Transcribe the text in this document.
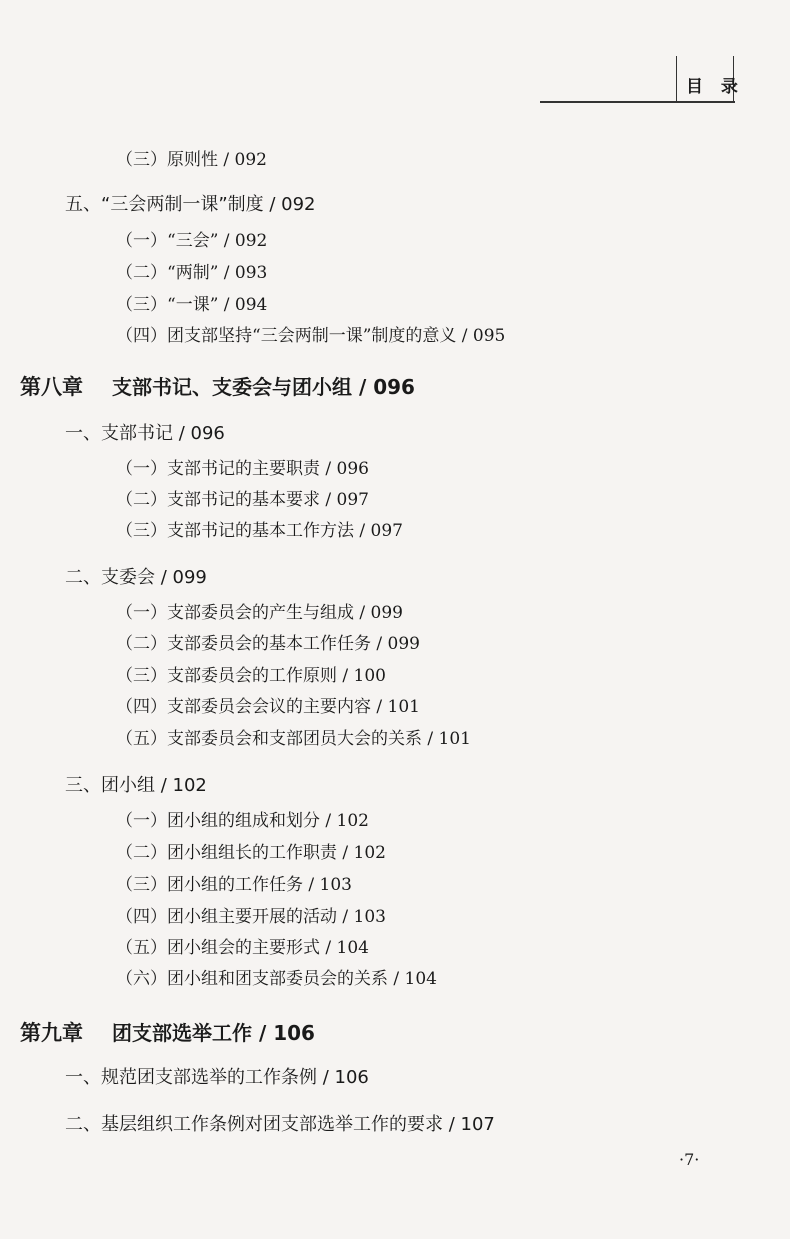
目 录
（三）原则性 / 092
五、“三会两制一课”制度 / 092
（一）“三会” / 092
（二）“两制” / 093
（三）“一课” / 094
（四）团支部坚持“三会两制一课”制度的意义 / 095
第八章 支部书记、支委会与团小组 / 096
一、支部书记 / 096
（一）支部书记的主要职责 / 096
（二）支部书记的基本要求 / 097
（三）支部书记的基本工作方法 / 097
二、支委会 / 099
（一）支部委员会的产生与组成 / 099
（二）支部委员会的基本工作任务 / 099
（三）支部委员会的工作原则 / 100
（四）支部委员会会议的主要内容 / 101
（五）支部委员会和支部团员大会的关系 / 101
三、团小组 / 102
（一）团小组的组成和划分 / 102
（二）团小组组长的工作职责 / 102
（三）团小组的工作任务 / 103
（四）团小组主要开展的活动 / 103
（五）团小组会的主要形式 / 104
（六）团小组和团支部委员会的关系 / 104
第九章 团支部选举工作 / 106
一、规范团支部选举的工作条例 / 106
二、基层组织工作条例对团支部选举工作的要求 / 107
·7·
